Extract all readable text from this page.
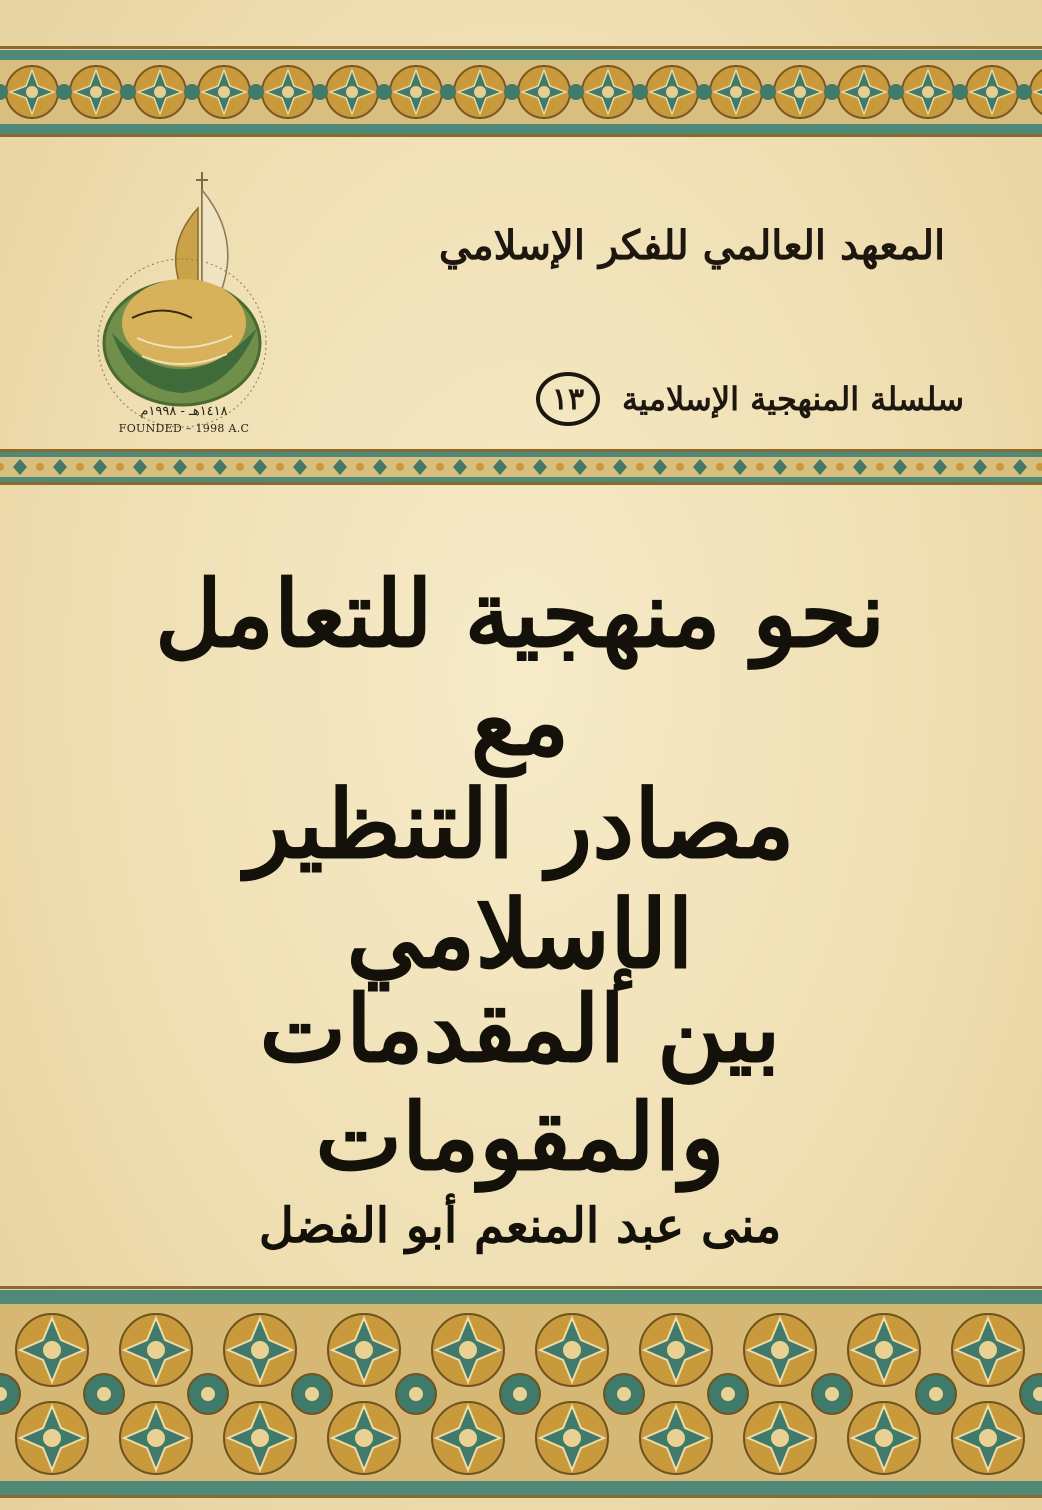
١٤١٨هـ - ١٩٩٨م
FOUNDED – 1998 A.C
المعهد العالمي للفكر الإسلامي
سلسلة المنهجية الإسلامية
١٣
نحو منهجية للتعامل مع
مصادر التنظير الإسلامي
بين المقدمات والمقومات
منى عبد المنعم أبو الفضل
